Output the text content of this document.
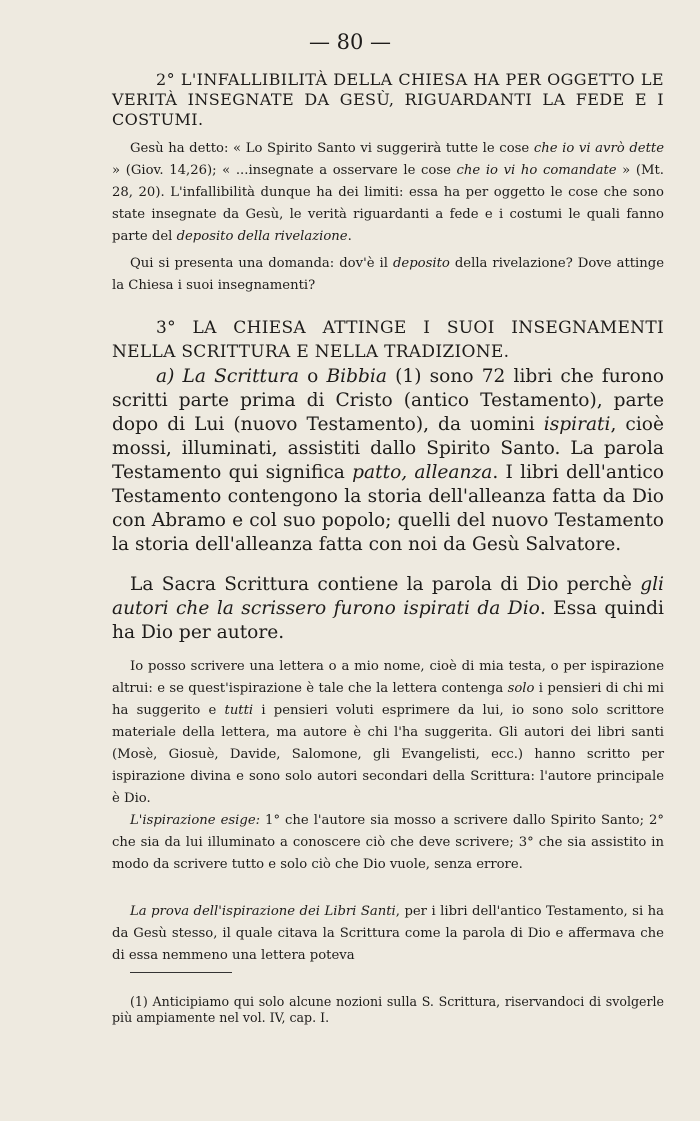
— 80 —

2° L'INFALLIBILITÀ DELLA CHIESA HA PER OGGETTO LE VERITÀ INSEGNATE DA GESÙ, RIGUARDANTI LA FEDE E I COSTUMI.

Gesù ha detto: « Lo Spirito Santo vi suggerirà tutte le cose che io vi avrò dette » (Giov. 14,26); « ...insegnate a osservare le cose che io vi ho comandate » (Mt. 28, 20). L'infallibilità dunque ha dei limiti: essa ha per oggetto le cose che sono state insegnate da Gesù, le verità riguardanti a fede e i costumi le quali fanno parte del deposito della rivelazione.

Qui si presenta una domanda: dov'è il deposito della rivelazione? Dove attinge la Chiesa i suoi insegnamenti?

3° LA CHIESA ATTINGE I SUOI INSEGNAMENTI NELLA SCRITTURA E NELLA TRADIZIONE.

a) La Scrittura o Bibbia (1) sono 72 libri che furono scritti parte prima di Cristo (antico Testamento), parte dopo di Lui (nuovo Testamento), da uomini ispirati, cioè mossi, illuminati, assistiti dallo Spirito Santo. La parola Testamento qui significa patto, alleanza. I libri dell'antico Testamento contengono la storia dell'alleanza fatta da Dio con Abramo e col suo popolo; quelli del nuovo Testamento la storia dell'alleanza fatta con noi da Gesù Salvatore.

La Sacra Scrittura contiene la parola di Dio perchè gli autori che la scrissero furono ispirati da Dio. Essa quindi ha Dio per autore.

Io posso scrivere una lettera o a mio nome, cioè di mia testa, o per ispirazione altrui: e se quest'ispirazione è tale che la lettera contenga solo i pensieri di chi mi ha suggerito e tutti i pensieri voluti esprimere da lui, io sono solo scrittore materiale della lettera, ma autore è chi l'ha suggerita. Gli autori dei libri santi (Mosè, Giosuè, Davide, Salomone, gli Evangelisti, ecc.) hanno scritto per ispirazione divina e sono solo autori secondari della Scrittura: l'autore principale è Dio.

L'ispirazione esige: 1° che l'autore sia mosso a scrivere dallo Spirito Santo; 2° che sia da lui illuminato a conoscere ciò che deve scrivere; 3° che sia assistito in modo da scrivere tutto e solo ciò che Dio vuole, senza errore.

La prova dell'ispirazione dei Libri Santi, per i libri dell'antico Testamento, si ha da Gesù stesso, il quale citava la Scrittura come la parola di Dio e affermava che di essa nemmeno una lettera poteva

(1) Anticipiamo qui solo alcune nozioni sulla S. Scrittura, riservandoci di svolgerle più ampiamente nel vol. IV, cap. I.
